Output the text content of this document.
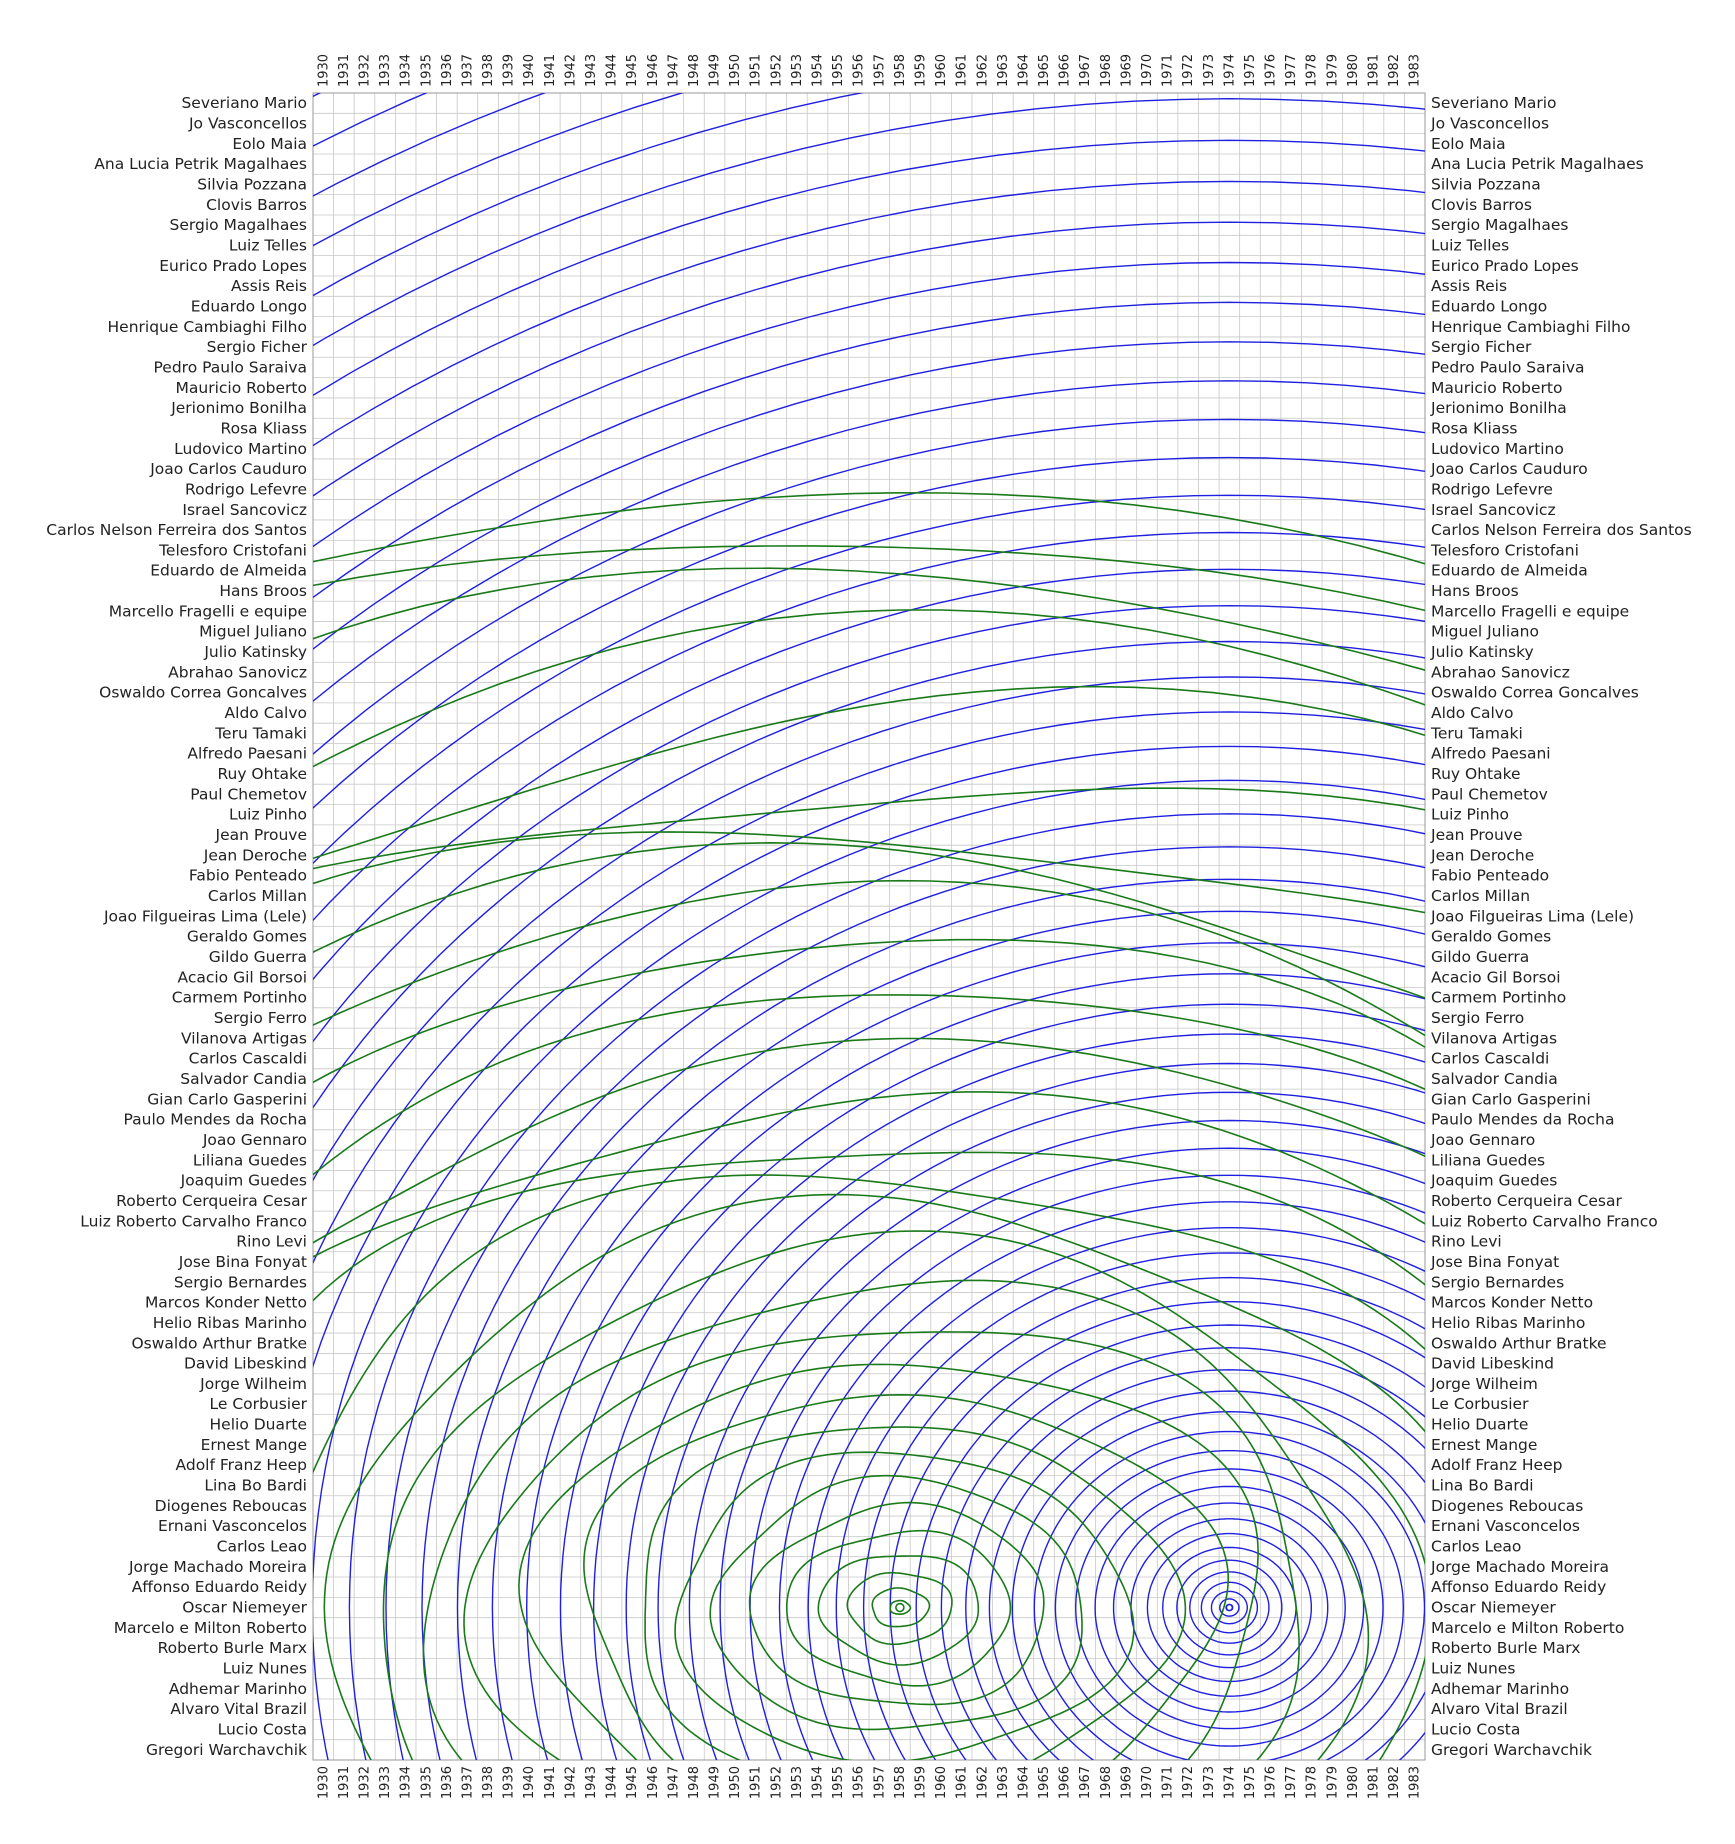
Severiano Mario
Jo Vasconcellos
Eolo Maia
Ana Lucia Petrik Magalhaes
Silvia Pozzana
Clovis Barros
Sergio Magalhaes
Luiz Telles
Eurico Prado Lopes
Assis Reis
Eduardo Longo
Henrique Cambiaghi Filho
Sergio Ficher
Pedro Paulo Saraiva
Mauricio Roberto
Jerionimo Bonilha
Rosa Kliass
Ludovico Martino
Joao Carlos Cauduro
Rodrigo Lefevre
Israel Sancovicz
Carlos Nelson Ferreira dos Santos
Telesforo Cristofani
Eduardo de Almeida
Hans Broos
Marcello Fragelli e equipe
Miguel Juliano
Julio Katinsky
Abrahao Sanovicz
Oswaldo Correa Goncalves
Aldo Calvo
Teru Tamaki
Alfredo Paesani
Ruy Ohtake
Paul Chemetov
Luiz Pinho
Jean Prouve
Jean Deroche
Fabio Penteado
Carlos Millan
Joao Filgueiras Lima (Lele)
Geraldo Gomes
Gildo Guerra
Acacio Gil Borsoi
Carmem Portinho
Sergio Ferro
Vilanova Artigas
Carlos Cascaldi
Salvador Candia
Gian Carlo Gasperini
Paulo Mendes da Rocha
Joao Gennaro
Liliana Guedes
Joaquim Guedes
Roberto Cerqueira Cesar
Luiz Roberto Carvalho Franco
Rino Levi
Jose Bina Fonyat
Sergio Bernardes
Marcos Konder Netto
Helio Ribas Marinho
Oswaldo Arthur Bratke
David Libeskind
Jorge Wilheim
Le Corbusier
Helio Duarte
Ernest Mange
Adolf Franz Heep
Lina Bo Bardi
Diogenes Reboucas
Ernani Vasconcelos
Carlos Leao
Jorge Machado Moreira
Affonso Eduardo Reidy
Oscar Niemeyer
Marcelo e Milton Roberto
Roberto Burle Marx
Luiz Nunes
Adhemar Marinho
Alvaro Vital Brazil
Lucio Costa
Gregori Warchavchik
Severiano Mario
Jo Vasconcellos
Eolo Maia
Ana Lucia Petrik Magalhaes
Silvia Pozzana
Clovis Barros
Sergio Magalhaes
Luiz Telles
Eurico Prado Lopes
Assis Reis
Eduardo Longo
Henrique Cambiaghi Filho
Sergio Ficher
Pedro Paulo Saraiva
Mauricio Roberto
Jerionimo Bonilha
Rosa Kliass
Ludovico Martino
Joao Carlos Cauduro
Rodrigo Lefevre
Israel Sancovicz
Carlos Nelson Ferreira dos Santos
Telesforo Cristofani
Eduardo de Almeida
Hans Broos
Marcello Fragelli e equipe
Miguel Juliano
Julio Katinsky
Abrahao Sanovicz
Oswaldo Correa Goncalves
Aldo Calvo
Teru Tamaki
Alfredo Paesani
Ruy Ohtake
Paul Chemetov
Luiz Pinho
Jean Prouve
Jean Deroche
Fabio Penteado
Carlos Millan
Joao Filgueiras Lima (Lele)
Geraldo Gomes
Gildo Guerra
Acacio Gil Borsoi
Carmem Portinho
Sergio Ferro
Vilanova Artigas
Carlos Cascaldi
Salvador Candia
Gian Carlo Gasperini
Paulo Mendes da Rocha
Joao Gennaro
Liliana Guedes
Joaquim Guedes
Roberto Cerqueira Cesar
Luiz Roberto Carvalho Franco
Rino Levi
Jose Bina Fonyat
Sergio Bernardes
Marcos Konder Netto
Helio Ribas Marinho
Oswaldo Arthur Bratke
David Libeskind
Jorge Wilheim
Le Corbusier
Helio Duarte
Ernest Mange
Adolf Franz Heep
Lina Bo Bardi
Diogenes Reboucas
Ernani Vasconcelos
Carlos Leao
Jorge Machado Moreira
Affonso Eduardo Reidy
Oscar Niemeyer
Marcelo e Milton Roberto
Roberto Burle Marx
Luiz Nunes
Adhemar Marinho
Alvaro Vital Brazil
Lucio Costa
Gregori Warchavchik
1930 1931 1932 1933 1934 1935 1936 1937 1938 1939 1940 1941 1942 1943 1944 1945 1946 1947 1948 1949 1950 1951 1952 1953 1954 1955 1956 1957 1958 1959 1960 1961 1962 1963 1964 1965 1966 1967 1968 1969 1970 1971 1972 1973 1974 1975 1976 1977 1978 1979 1980 1981 1982 1983
1930 1931 1932 1933 1934 1935 1936 1937 1938 1939 1940 1941 1942 1943 1944 1945 1946 1947 1948 1949 1950 1951 1952 1953 1954 1955 1956 1957 1958 1959 1960 1961 1962 1963 1964 1965 1966 1967 1968 1969 1970 1971 1972 1973 1974 1975 1976 1977 1978 1979 1980 1981 1982 1983
